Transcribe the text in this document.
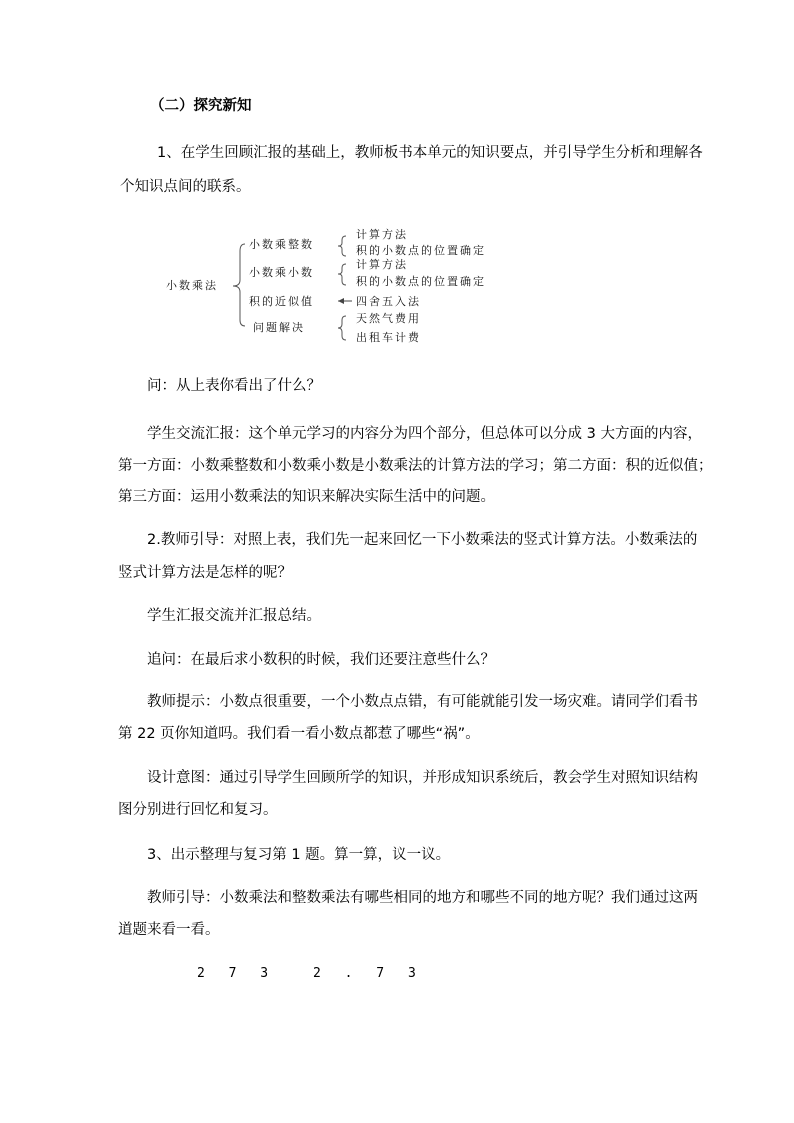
（二）探究新知
1、在学生回顾汇报的基础上，教师板书本单元的知识要点，并引导学生分析和理解各
个知识点间的联系。
小数乘法
小数乘整数
计算方法
积的小数点的位置确定
小数乘小数
计算方法
积的小数点的位置确定
积的近似值	四舍五入法
问题解决
天然气费用
出租车计费
问：从上表你看出了什么？
学生交流汇报：这个单元学习的内容分为四个部分，但总体可以分成 3 大方面的内容，
第一方面：小数乘整数和小数乘小数是小数乘法的计算方法的学习；第二方面：积的近似值；
第三方面：运用小数乘法的知识来解决实际生活中的问题。
2.教师引导：对照上表，我们先一起来回忆一下小数乘法的竖式计算方法。小数乘法的
竖式计算方法是怎样的呢？
学生汇报交流并汇报总结。
追问：在最后求小数积的时候，我们还要注意些什么？
教师提示：小数点很重要，一个小数点点错，有可能就能引发一场灾难。请同学们看书
第 22 页你知道吗。我们看一看小数点都惹了哪些“祸”。
设计意图：通过引导学生回顾所学的知识，并形成知识系统后，教会学生对照知识结构
图分别进行回忆和复习。
3、出示整理与复习第 1 题。算一算，议一议。
教师引导：小数乘法和整数乘法有哪些相同的地方和哪些不同的地方呢？我们通过这两
道题来看一看。
2 7 3	2 . 7 3
